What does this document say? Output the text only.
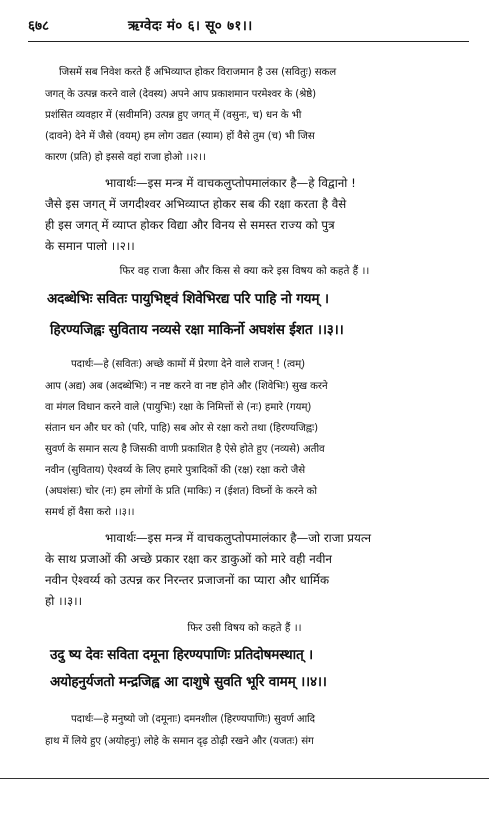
६७८	ऋग्वेदः मं० ६। सू० ७१।।
जिसमें सब निवेश करते हैं अभिव्याप्त होकर विराजमान है उस (सवितुः) सकल
जगत् के उत्पन्न करने वाले (देवस्य) अपने आप प्रकाशमान परमेश्वर के (श्रेष्ठे)
प्रशंसित व्यवहार में (सवीमनि) उत्पन्न हुए जगत् में (वसुनः, च) धन के भी
(दावने) देने में जैसे (वयम्) हम लोग उद्यत (स्याम) हों वैसे तुम (च) भी जिस
कारण (प्रति) हो इससे वहां राजा होओ ।।२।।
भावार्थः—इस मन्त्र में वाचकलुप्तोपमालंकार है—हे विद्वानो !
जैसे इस जगत् में जगदीश्वर अभिव्याप्त होकर सब की रक्षा करता है वैसे
ही इस जगत् में व्याप्त होकर विद्या और विनय से समस्त राज्य को पुत्र
के समान पालो ।।२।।
फिर वह राजा कैसा और किस से क्या करे इस विषय को कहते हैं ।।
अदब्धेभिः सवितः पायुभिष्ट्वं शिवेभिरद्य परि पाहि नो गयम् ।
हिरण्यजिह्वः सुविताय नव्यसे रक्षा माकिर्नो अघशंस ईशत ।।३।।
पदार्थः—हे (सवितः) अच्छे कामों में प्रेरणा देने वाले राजन् ! (त्वम्)
आप (अद्य) अब (अदब्धेभिः) न नष्ट करने वा नष्ट होने और (शिवेभिः) सुख करने
वा मंगल विधान करने वाले (पायुभिः) रक्षा के निमित्तों से (नः) हमारे (गयम्)
संतान धन और घर को (परि, पाहि) सब ओर से रक्षा करो तथा (हिरण्यजिह्वः)
सुवर्ण के समान सत्य है जिसकी वाणी प्रकाशित है ऐसे होते हुए (नव्यसे) अतीव
नवीन (सुविताय) ऐश्वर्य्य के लिए हमारे पुत्रादिकों की (रक्ष) रक्षा करो जैसे
(अघशंसः) चोर (नः) हम लोगों के प्रति (माकिः) न (ईशत) विघ्नों के करने को
समर्थ हों वैसा करो ।।३।।
भावार्थः—इस मन्त्र में वाचकलुप्तोपमालंकार है—जो राजा प्रयत्न
के साथ प्रजाओं की अच्छे प्रकार रक्षा कर डाकुओं को मारे वही नवीन
नवीन ऐश्वर्य्य को उत्पन्न कर निरन्तर प्रजाजनों का प्यारा और धार्मिक
हो ।।३।।
फिर उसी विषय को कहते हैं ।।
उदु ष्य देवः सविता दमूना हिरण्यपाणिः प्रतिदोषमस्थात् ।
अयोहनुर्यजतो मन्द्रजिह्व आ दाशुषे सुवति भूरि वामम् ।।४।।
पदार्थः—हे मनुष्यो जो (दमूनाः) दमनशील (हिरण्यपाणिः) सुवर्ण आदि
हाथ में लिये हुए (अयोहनुः) लोहे के समान दृढ़ ठोढ़ी रखने और (यजतः) संग
